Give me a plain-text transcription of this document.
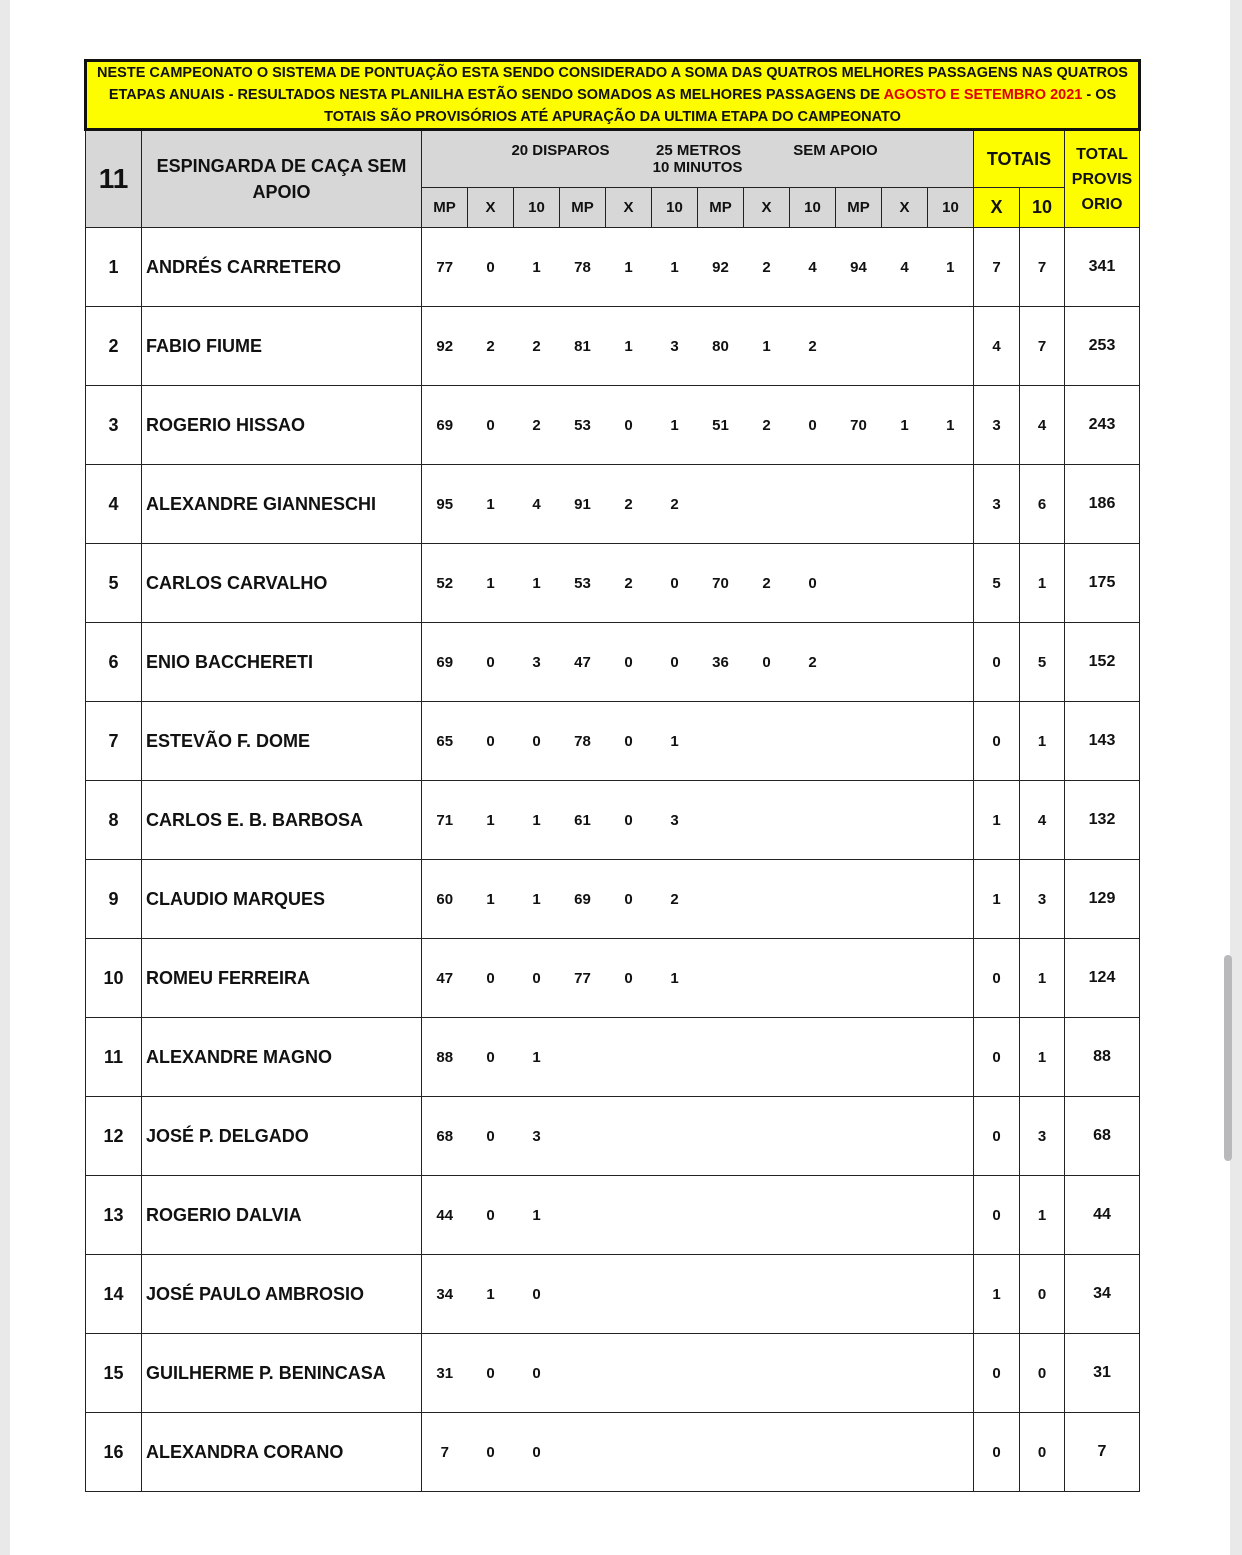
NESTE CAMPEONATO O SISTEMA DE PONTUAÇÃO ESTA SENDO CONSIDERADO A SOMA DAS QUATROS MELHORES PASSAGENS NAS QUATROS ETAPAS ANUAIS - RESULTADOS NESTA PLANILHA ESTÃO SENDO SOMADOS AS MELHORES PASSAGENS DE AGOSTO E SETEMBRO 2021 - OS TOTAIS SÃO PROVISÓRIOS ATÉ APURAÇÃO DA ULTIMA ETAPA DO CAMPEONATO																
11	ESPINGARDA DE CAÇA SEM APOIO	20 DISPAROS 25 METROS SEM APOIO10 MINUTOS												TOTAIS		TOTAL PROVIS ORIO
		MP	X	10	MP	X	10	MP	X	10	MP	X	10	X	10	
1	ANDRÉS CARRETERO	77	0	1	78	1	1	92	2	4	94	4	1	7	7	341
2	FABIO FIUME	92	2	2	81	1	3	80	1	2				4	7	253
3	ROGERIO HISSAO	69	0	2	53	0	1	51	2	0	70	1	1	3	4	243
4	ALEXANDRE GIANNESCHI	95	1	4	91	2	2							3	6	186
5	CARLOS CARVALHO	52	1	1	53	2	0	70	2	0				5	1	175
6	ENIO BACCHERETI	69	0	3	47	0	0	36	0	2				0	5	152
7	ESTEVÃO F. DOME	65	0	0	78	0	1							0	1	143
8	CARLOS E. B. BARBOSA	71	1	1	61	0	3							1	4	132
9	CLAUDIO MARQUES	60	1	1	69	0	2							1	3	129
10	ROMEU FERREIRA	47	0	0	77	0	1							0	1	124
11	ALEXANDRE MAGNO	88	0	1										0	1	88
12	JOSÉ P. DELGADO	68	0	3										0	3	68
13	ROGERIO DALVIA	44	0	1										0	1	44
14	JOSÉ PAULO AMBROSIO	34	1	0										1	0	34
15	GUILHERME P. BENINCASA	31	0	0										0	0	31
16	ALEXANDRA CORANO	7	0	0										0	0	7
